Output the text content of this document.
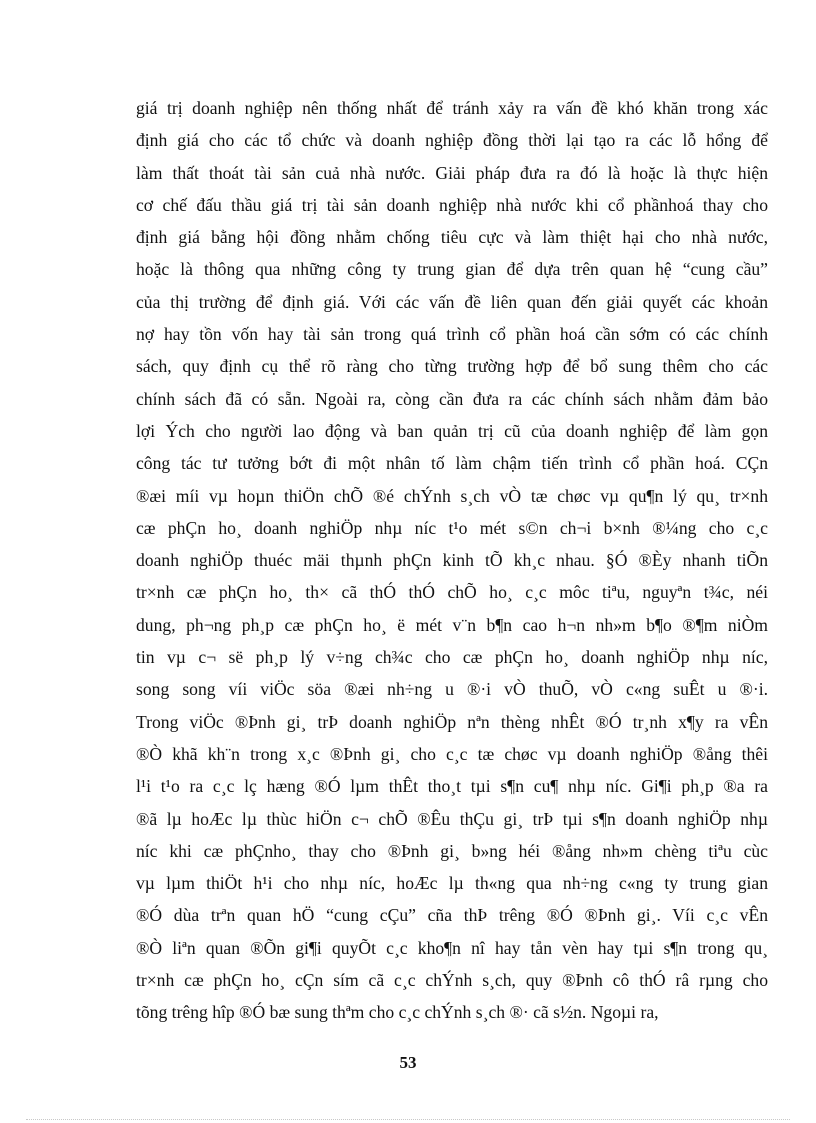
giá trị doanh nghiệp nên thống nhất để tránh xảy ra vấn đề khó khăn trong xác
định giá cho các tổ chức và doanh nghiệp đồng thời lại tạo ra các lỗ hổng để
làm thất thoát tài sản cuả nhà nước. Giải pháp đưa ra đó là hoặc là thực hiện
cơ chế đấu thầu giá trị tài sản doanh nghiệp nhà nước khi cổ phầnhoá thay cho
định giá bằng hội đồng nhằm chống tiêu cực và làm thiệt hại cho nhà nước,
hoặc là thông qua những công ty trung gian để dựa trên quan hệ “cung cầu”
của thị trường để định giá. Với các vấn đề liên quan đến giải quyết các khoản
nợ hay tồn vốn hay tài sản trong quá trình cổ phần hoá cần sớm có các chính
sách, quy định cụ thể rõ ràng cho từng trường hợp để bổ sung thêm cho các
chính sách đã có sẵn. Ngoài ra, còng cần đưa ra các chính sách nhằm đảm bảo
lợi Ých cho người lao động và ban quản trị cũ của doanh nghiệp để làm gọn
công tác tư tưởng bớt đi một nhân tố làm chậm tiến trình cổ phần hoá. CÇn
®æi míi vµ hoµn thiÖn chÕ ®é chÝnh s¸ch vÒ tæ chøc vµ qu¶n lý qu¸ tr×nh
cæ phÇn ho¸ doanh nghiÖp nhµ níc t¹o mét s©n ch¬i b×nh ®¼ng cho c¸c
doanh nghiÖp thuéc mäi thµnh phÇn kinh tÕ kh¸c nhau. §Ó ®Èy nhanh tiÕn
tr×nh cæ phÇn ho¸ th× cã thÓ thÓ chÕ ho¸ c¸c môc tiªu, nguyªn t¾c, néi
dung, ph¬ng ph¸p cæ phÇn ho¸ ë mét v¨n b¶n cao h¬n nh»m b¶o ®¶m niÒm
tin vµ c¬ së ph¸p lý v÷ng ch¾c cho cæ phÇn ho¸ doanh nghiÖp nhµ níc,
song song víi viÖc söa ®æi nh÷ng u ®·i vÒ thuÕ, vÒ c«ng suÊt u ®·i.
Trong viÖc ®Þnh gi¸ trÞ doanh nghiÖp nªn thèng nhÊt ®Ó tr¸nh x¶y ra vÊn
®Ò khã kh¨n trong x¸c ®Þnh gi¸ cho c¸c tæ chøc vµ doanh nghiÖp ®ång thêi
l¹i t¹o ra c¸c lç hæng ®Ó lµm thÊt tho¸t tµi s¶n cu¶ nhµ níc. Gi¶i ph¸p ®a ra
®ã lµ hoÆc lµ thùc hiÖn c¬ chÕ ®Êu thÇu gi¸ trÞ tµi s¶n doanh nghiÖp nhµ
níc khi cæ phÇnho¸ thay cho ®Þnh gi¸ b»ng héi ®ång nh»m chèng tiªu cùc
vµ lµm thiÖt h¹i cho nhµ níc, hoÆc lµ th«ng qua nh÷ng c«ng ty trung gian
®Ó dùa trªn quan hÖ “cung cÇu” cña thÞ trêng ®Ó ®Þnh gi¸. Víi c¸c vÊn
®Ò liªn quan ®Õn gi¶i quyÕt c¸c kho¶n nî hay tån vèn hay tµi s¶n trong qu¸
tr×nh cæ phÇn ho¸ cÇn sím cã c¸c chÝnh s¸ch, quy ®Þnh cô thÓ râ rµng cho
tõng trêng hîp ®Ó bæ sung thªm cho c¸c chÝnh s¸ch ®· cã s½n. Ngoµi ra,
53
